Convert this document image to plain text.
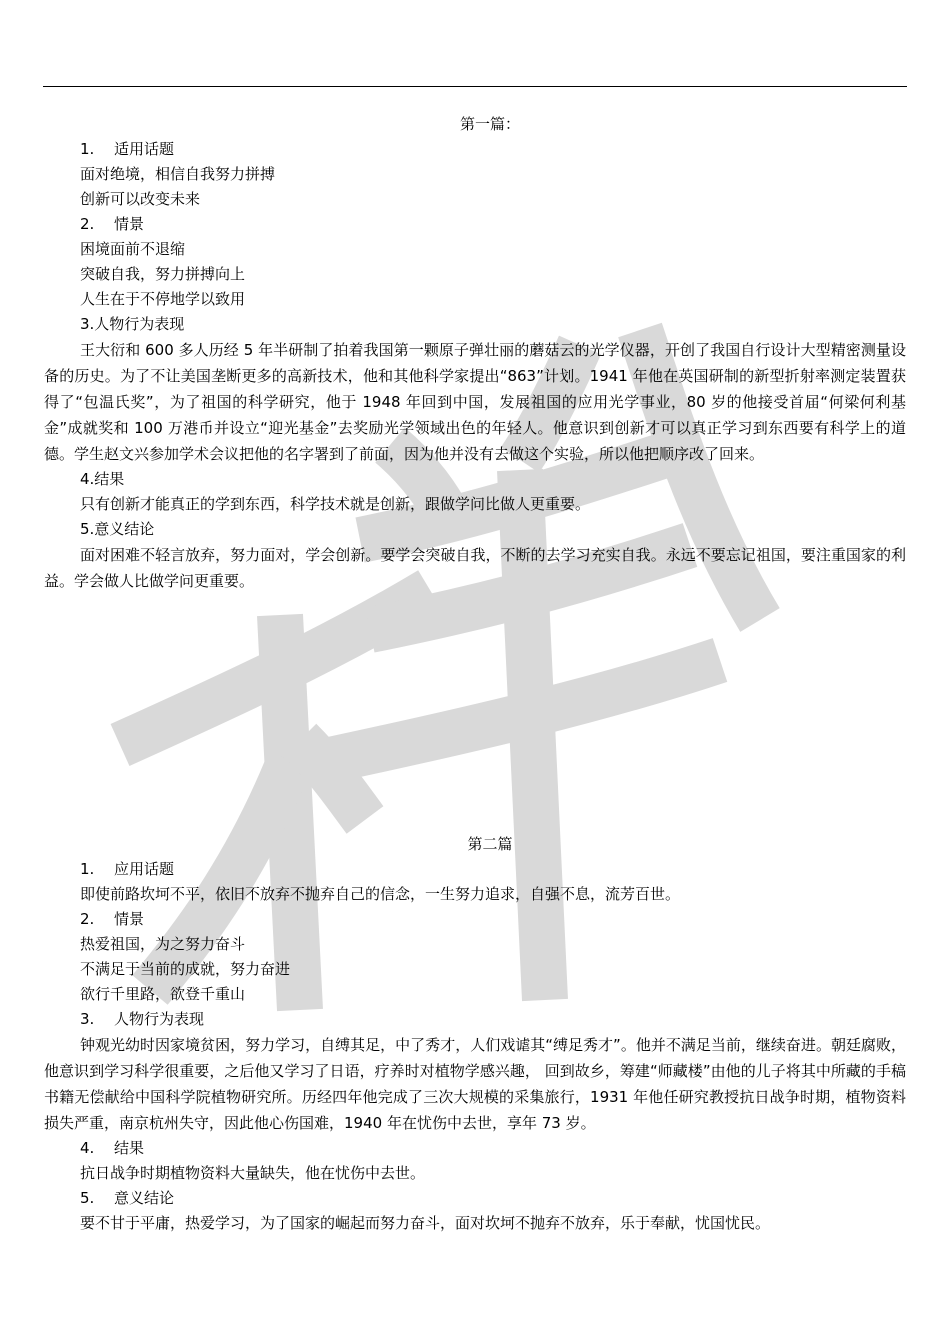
第一篇：
1. 适用话题
面对绝境，相信自我努力拼搏
创新可以改变未来
2. 情景
困境面前不退缩
突破自我，努力拼搏向上
人生在于不停地学以致用
3.人物行为表现
王大衍和 600 多人历经 5 年半研制了拍着我国第一颗原子弹壮丽的蘑菇云的光学仪器，开创了我国自行设计大型精密测量设备的历史。为了不让美国垄断更多的高新技术，他和其他科学家提出“863”计划。1941 年他在英国研制的新型折射率测定装置获得了“包温氏奖”，为了祖国的科学研究，他于 1948 年回到中国，发展祖国的应用光学事业，80 岁的他接受首届“何梁何利基金”成就奖和 100 万港币并设立“迎光基金”去奖励光学领域出色的年轻人。他意识到创新才可以真正学习到东西要有科学上的道德。学生赵文兴参加学术会议把他的名字署到了前面，因为他并没有去做这个实验，所以他把顺序改了回来。
4.结果
只有创新才能真正的学到东西，科学技术就是创新，跟做学问比做人更重要。
5.意义结论
面对困难不轻言放弃，努力面对，学会创新。要学会突破自我，不断的去学习充实自我。永远不要忘记祖国，要注重国家的利益。学会做人比做学问更重要。
第二篇
1. 应用话题
即使前路坎坷不平，依旧不放弃不抛弃自己的信念，一生努力追求，自强不息，流芳百世。
2. 情景
热爱祖国，为之努力奋斗
不满足于当前的成就，努力奋进
欲行千里路，欲登千重山
3. 人物行为表现
钟观光幼时因家境贫困，努力学习，自缚其足，中了秀才，人们戏谑其“缚足秀才”。他并不满足当前，继续奋进。朝廷腐败，他意识到学习科学很重要，之后他又学习了日语，疗养时对植物学感兴趣， 回到故乡，筹建“师藏楼”由他的儿子将其中所藏的手稿书籍无偿献给中国科学院植物研究所。历经四年他完成了三次大规模的采集旅行，1931 年他任研究教授抗日战争时期，植物资料损失严重，南京杭州失守，因此他心伤国难，1940 年在忧伤中去世，享年 73 岁。
4. 结果
抗日战争时期植物资料大量缺失，他在忧伤中去世。
5. 意义结论
要不甘于平庸，热爱学习，为了国家的崛起而努力奋斗，面对坎坷不抛弃不放弃，乐于奉献，忧国忧民。
